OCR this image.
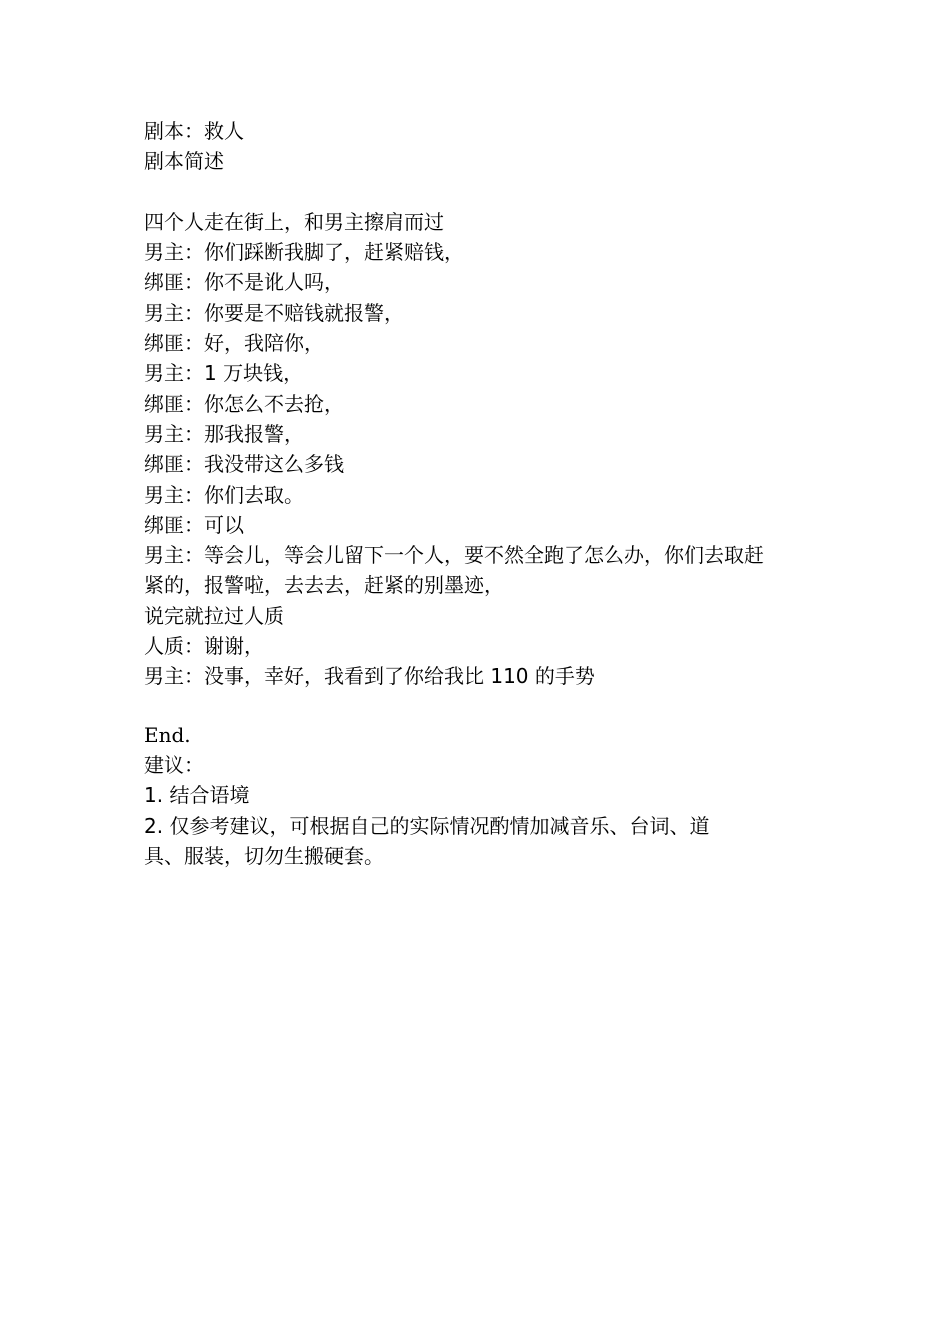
剧本：救人
剧本简述
四个人走在街上，和男主擦肩而过
男主：你们踩断我脚了，赶紧赔钱，
绑匪：你不是讹人吗，
男主：你要是不赔钱就报警，
绑匪：好，我陪你，
男主：1 万块钱，
绑匪：你怎么不去抢，
男主：那我报警，
绑匪：我没带这么多钱
男主：你们去取。
绑匪：可以
男主：等会儿，等会儿留下一个人，要不然全跑了怎么办，你们去取赶
紧的，报警啦，去去去，赶紧的别墨迹，
说完就拉过人质
人质：谢谢，
男主：没事，幸好，我看到了你给我比 110 的手势
End.
建议：
1. 结合语境
2. 仅参考建议，可根据自己的实际情况酌情加减音乐、台词、道
具、服装，切勿生搬硬套。
